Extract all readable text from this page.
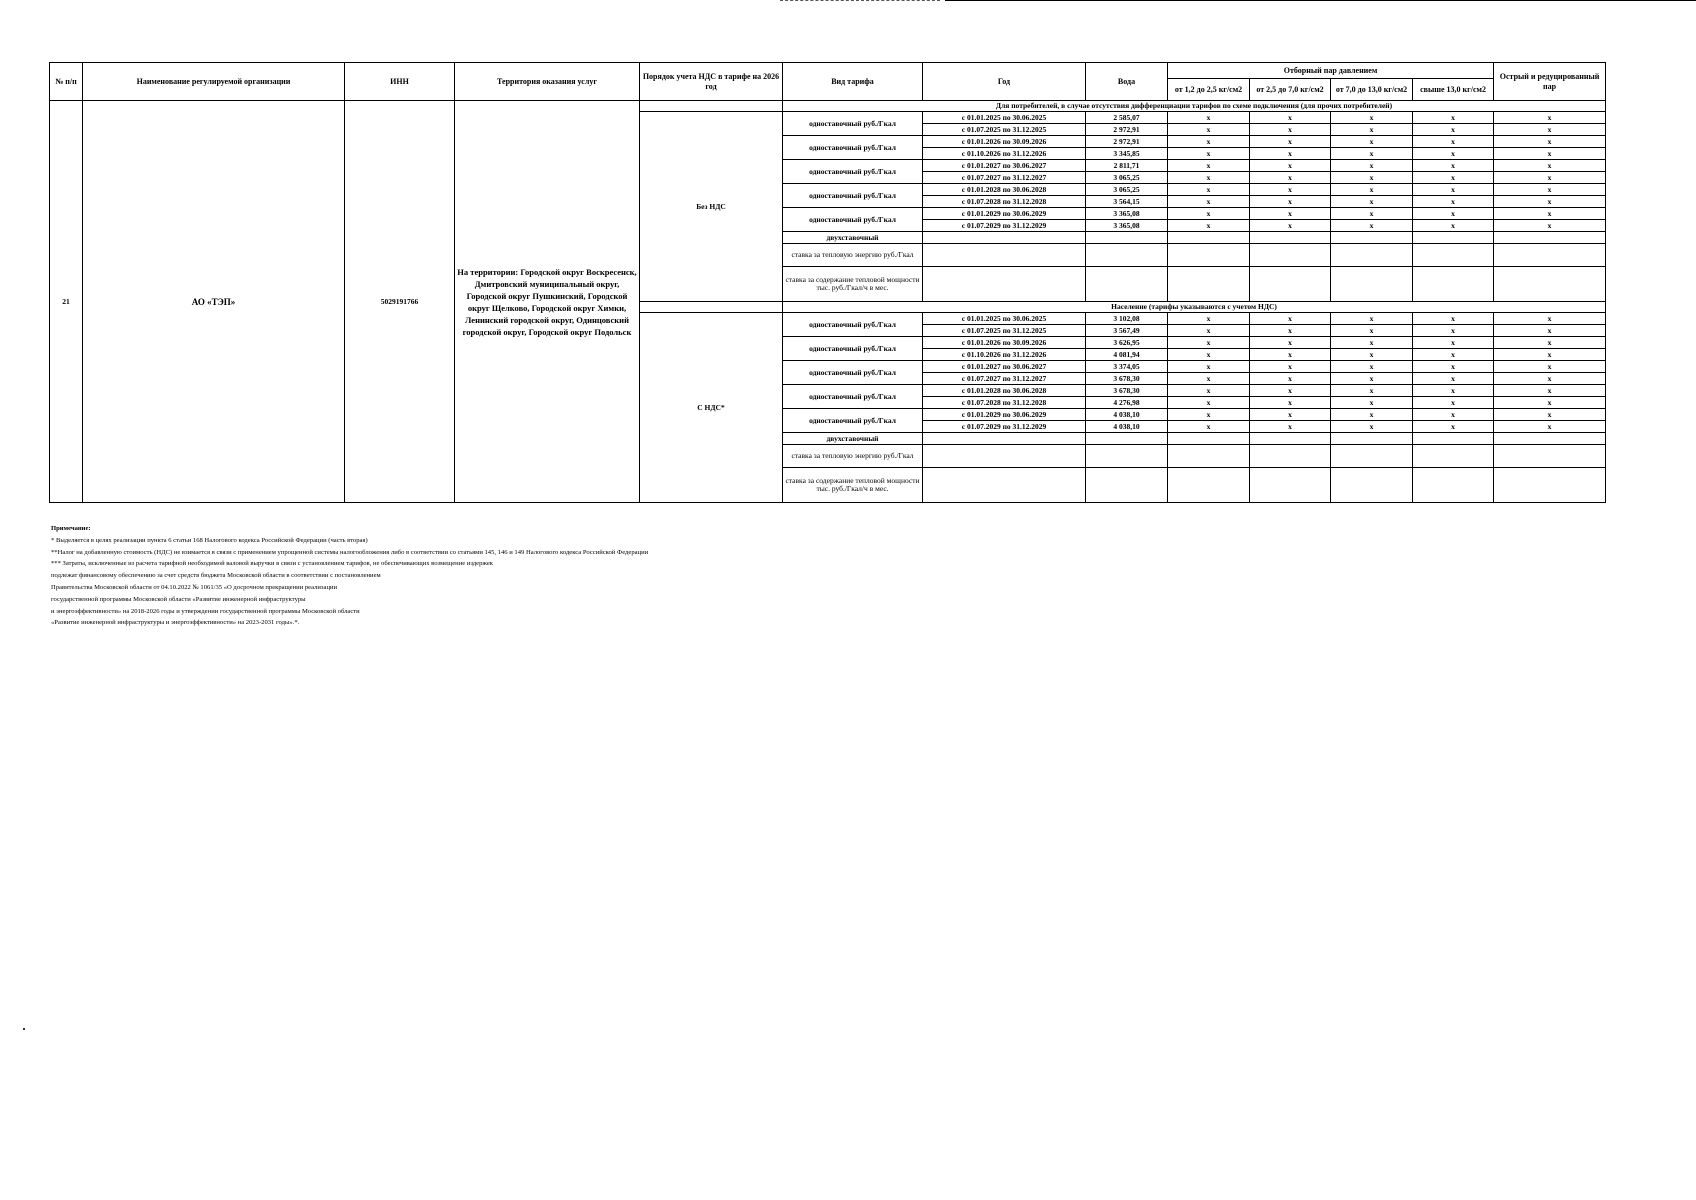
№ п/п	Наименование регулируемой организации	ИНН	Территория оказания услуг	Порядок учета НДС в тарифе на 2026 год	Вид тарифа	Год	Вода	Отборный пар давлением				Острый и редуцированный пар
								от 1,2 до 2,5 кг/см2	от 2,5 до 7,0 кг/см2	от 7,0 до 13,0 кг/см2	свыше 13,0 кг/см2	
21	АО «ТЭП»	5029191766	На территории: Городской округ Воскресенск, Дмитровский муниципальный округ, Городской округ Пушкинский, Городской округ Щелково, Городской округ Химки, Ленинский городской округ, Одинцовский городской округ, Городской округ Подольск		Для потребителей, в случае отсутствия дифференциации тарифов по схеме подключения (для прочих потребителей)							
				Без НДС	одноставочный руб./Гкал	с 01.01.2025 по 30.06.2025	2 585,07	x	x	x	x	x
						с 01.07.2025 по 31.12.2025	2 972,91	x	x	x	x	x
					одноставочный руб./Гкал	с 01.01.2026 по 30.09.2026	2 972,91	x	x	x	x	x
						с 01.10.2026 по 31.12.2026	3 345,85	x	x	x	x	x
					одноставочный руб./Гкал	с 01.01.2027 по 30.06.2027	2 811,71	x	x	x	x	x
						с 01.07.2027 по 31.12.2027	3 065,25	x	x	x	x	x
					одноставочный руб./Гкал	с 01.01.2028 по 30.06.2028	3 065,25	x	x	x	x	x
						с 01.07.2028 по 31.12.2028	3 564,15	x	x	x	x	x
					одноставочный руб./Гкал	с 01.01.2029 по 30.06.2029	3 365,08	x	x	x	x	x
						с 01.07.2029 по 31.12.2029	3 365,08	x	x	x	x	x
					двухставочный							
					ставка за тепловую энергию руб./Гкал							
					ставка за содержание тепловой мощности тыс. руб./Гкал/ч в мес.							
					Население (тарифы указываются с учетом НДС)							
				С НДС*	одноставочный руб./Гкал	с 01.01.2025 по 30.06.2025	3 102,08	x	x	x	x	x
						с 01.07.2025 по 31.12.2025	3 567,49	x	x	x	x	x
					одноставочный руб./Гкал	с 01.01.2026 по 30.09.2026	3 626,95	x	x	x	x	x
						с 01.10.2026 по 31.12.2026	4 081,94	x	x	x	x	x
					одноставочный руб./Гкал	с 01.01.2027 по 30.06.2027	3 374,05	x	x	x	x	x
						с 01.07.2027 по 31.12.2027	3 678,30	x	x	x	x	x
					одноставочный руб./Гкал	с 01.01.2028 по 30.06.2028	3 678,30	x	x	x	x	x
						с 01.07.2028 по 31.12.2028	4 276,98	x	x	x	x	x
					одноставочный руб./Гкал	с 01.01.2029 по 30.06.2029	4 038,10	x	x	x	x	x
						с 01.07.2029 по 31.12.2029	4 038,10	x	x	x	x	x
					двухставочный							
					ставка за тепловую энергию руб./Гкал							
					ставка за содержание тепловой мощности тыс. руб./Гкал/ч в мес.							
Примечание:
* Выделяется в целях реализации пункта 6 статьи 168 Налогового кодекса Российской Федерации (часть вторая)
**Налог на добавленную стоимость (НДС) не взимается в связи с применением упрощенной системы налогообложения либо в соответствии со статьями 145, 146 и 149 Налогового кодекса Российской Федерации
*** Затраты, исключенные из расчета тарифной необходимой валовой выручки в связи с установлением тарифов, не обеспечивающих возмещение издержек
подлежат финансовому обеспечению за счет средств бюджета Московской области в соответствии с постановлением
Правительства Московской области от 04.10.2022 № 1061/35 «О досрочном прекращении реализации
государственной программы Московской области «Развитие инженерной инфраструктуры
и энергоэффективности» на 2018-2026 годы и утверждении государственной программы Московской области
«Развитие инженерной инфраструктуры и энергоэффективности» на 2023-2031 годы».*.
